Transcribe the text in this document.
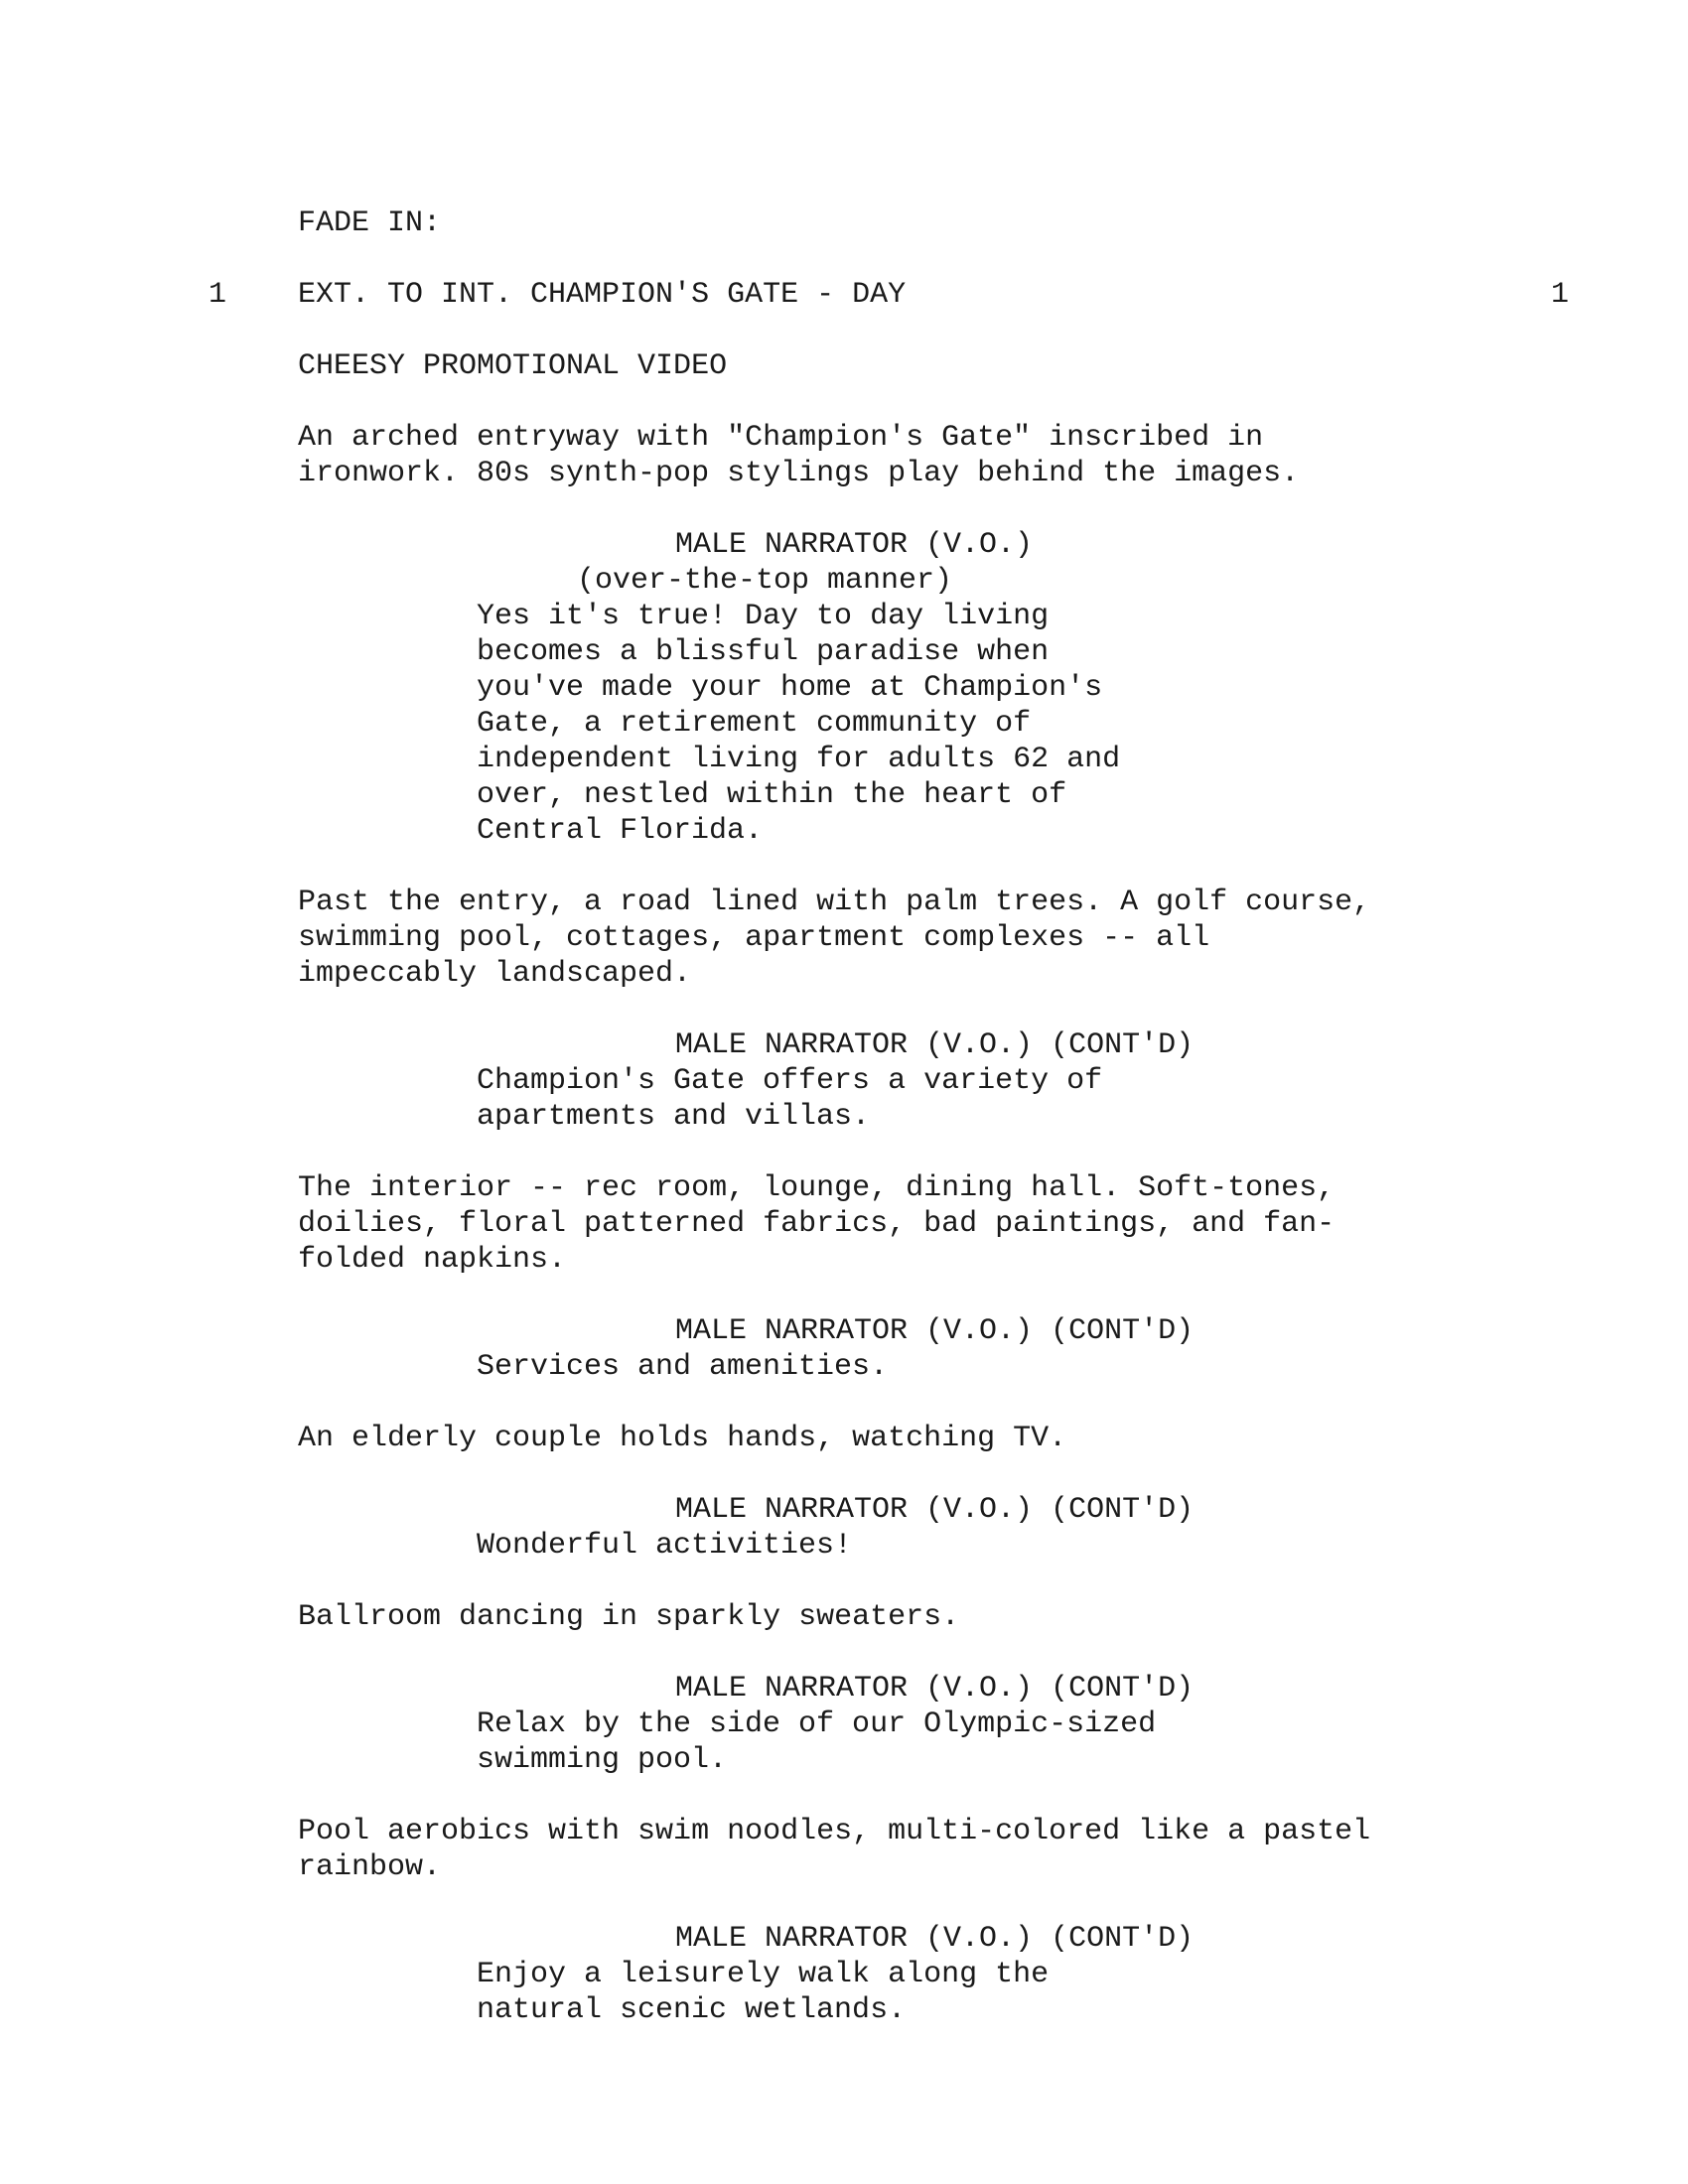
FADE IN:
1 EXT. TO INT. CHAMPION'S GATE - DAY	1
CHEESY PROMOTIONAL VIDEO
An arched entryway with "Champion's Gate" inscribed in
ironwork. 80s synth-pop stylings play behind the images.
MALE NARRATOR (V.O.)
(over-the-top manner)
Yes it's true! Day to day living
becomes a blissful paradise when
you've made your home at Champion's
Gate, a retirement community of
independent living for adults 62 and
over, nestled within the heart of
Central Florida.
Past the entry, a road lined with palm trees. A golf course,
swimming pool, cottages, apartment complexes -- all
impeccably landscaped.
MALE NARRATOR (V.O.) (CONT'D)
Champion's Gate offers a variety of
apartments and villas.
The interior -- rec room, lounge, dining hall. Soft-tones,
doilies, floral patterned fabrics, bad paintings, and fan-
folded napkins.
MALE NARRATOR (V.O.) (CONT'D)
Services and amenities.
An elderly couple holds hands, watching TV.
MALE NARRATOR (V.O.) (CONT'D)
Wonderful activities!
Ballroom dancing in sparkly sweaters.
MALE NARRATOR (V.O.) (CONT'D)
Relax by the side of our Olympic-sized
swimming pool.
Pool aerobics with swim noodles, multi-colored like a pastel
rainbow.
MALE NARRATOR (V.O.) (CONT'D)
Enjoy a leisurely walk along the
natural scenic wetlands.
